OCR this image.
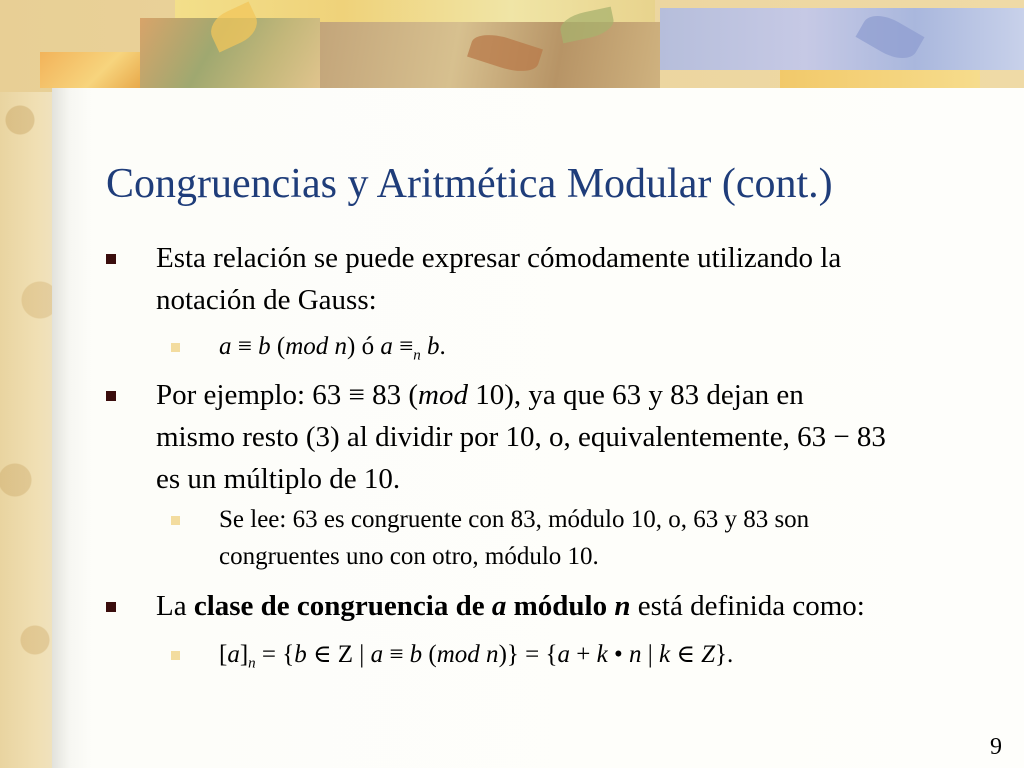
Congruencias y Aritmética Modular (cont.)

Esta relación se puede expresar cómodamente utilizando la

notación de Gauss:

a ≡ b (mod n) ó $a \equiv_n$ b.

Por ejemplo: 63 ≡ 83 (mod 10), ya que 63 y 83 dejan en

mismo resto (3) al dividir por 10, o, equivalentemente, 63 − 83

es un múltiplo de 10.

Se lee: 63 es congruente con 83, módulo 10, o, 63 y 83 son

congruentes uno con otro, módulo 10.

La clase de congruencia de a módulo n está definida como:

$[a]_n = \{b$ ∈ Z | a ≡ b (mod n)} = {a + k • n | k ∈ Z}.

9
